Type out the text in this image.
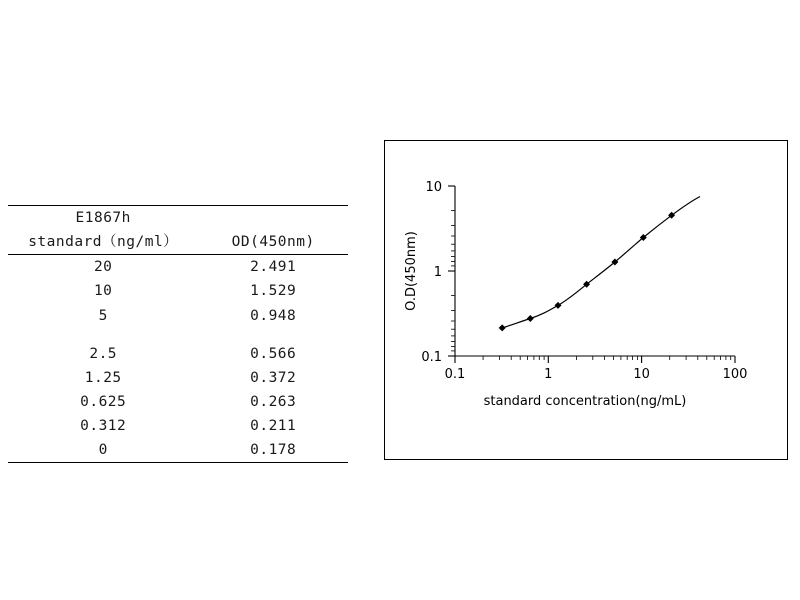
E1867h	
standard（ng/ml）	OD(450nm)
20	2.491
10	1.529
5	0.948

2.5	0.566
1.25	0.372
0.625	0.263
0.312	0.211
0	0.178
0.1	1	10	100
10
1
0.1
standard concentration(ng/mL)
O.D(450nm)
